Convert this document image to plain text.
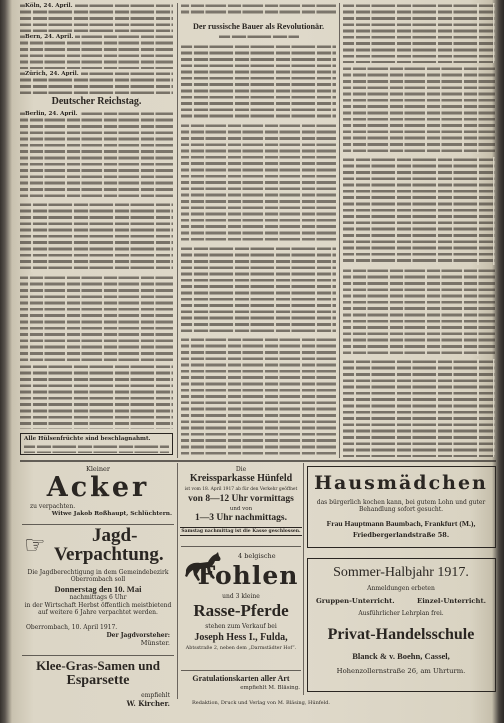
Köln, 24. April.
Bern, 24. April.
Zürich, 24. April.
Deutscher Reichstag.
Berlin, 24. April.
Alle Hülsenfrüchte sind beschlagnahmt.
Der russische Bauer als Revolutionär.
Kleiner
Acker
zu verpachten.
Witwe Jakob Roßhaupt, Schlüchtern.
☞ Jagd-
Verpachtung.
Die Jagdberechtigung in dem Gemeindebezirk Oberrombach soll
Donnerstag den 10. Mai
nachmittags 6 Uhr
in der Wirtschaft Herbst öffentlich meistbietend auf weitere 6 Jahre verpachtet werden.
Oberrombach, 10. April 1917.
Der Jagdvorsteher:
Münster.
Klee-Gras-Samen und
Esparsette
empfiehlt
W. Kircher.
Die
Kreissparkasse Hünfeld
ist vom 18. April 1917 ab für den Verkehr geöffnet
von 8—12 Uhr vormittags
und von
1—3 Uhr nachmittags.
Samstag nachmittag ist die Kasse geschlossen.
4 belgische
Fohlen
und 3 kleine
Rasse-Pferde
stehen zum Verkauf bei
Joseph Hess I., Fulda,
Abtsstraße 2, neben dem „Darmstädter Hof“.
Gratulationskarten aller Art
empfiehlt M. Bläsing.
Redaktion, Druck und Verlag von M. Bläsing, Hünfeld.
Hausmädchen
das bürgerlich kochen kann, bei gutem Lohn und guter Behandlung sofort gesucht.
Frau Hauptmann Baumbach, Frankfurt (M.),
Friedbergerlandstraße 58.
Sommer-Halbjahr 1917.
Anmeldungen erbeten
Gruppen-Unterricht.	Einzel-Unterricht.
Ausführlicher Lehrplan frei.
Privat-Handelsschule
Blanck & v. Boehn, Cassel,
Hohenzollernstraße 26, am Uhrturm.
